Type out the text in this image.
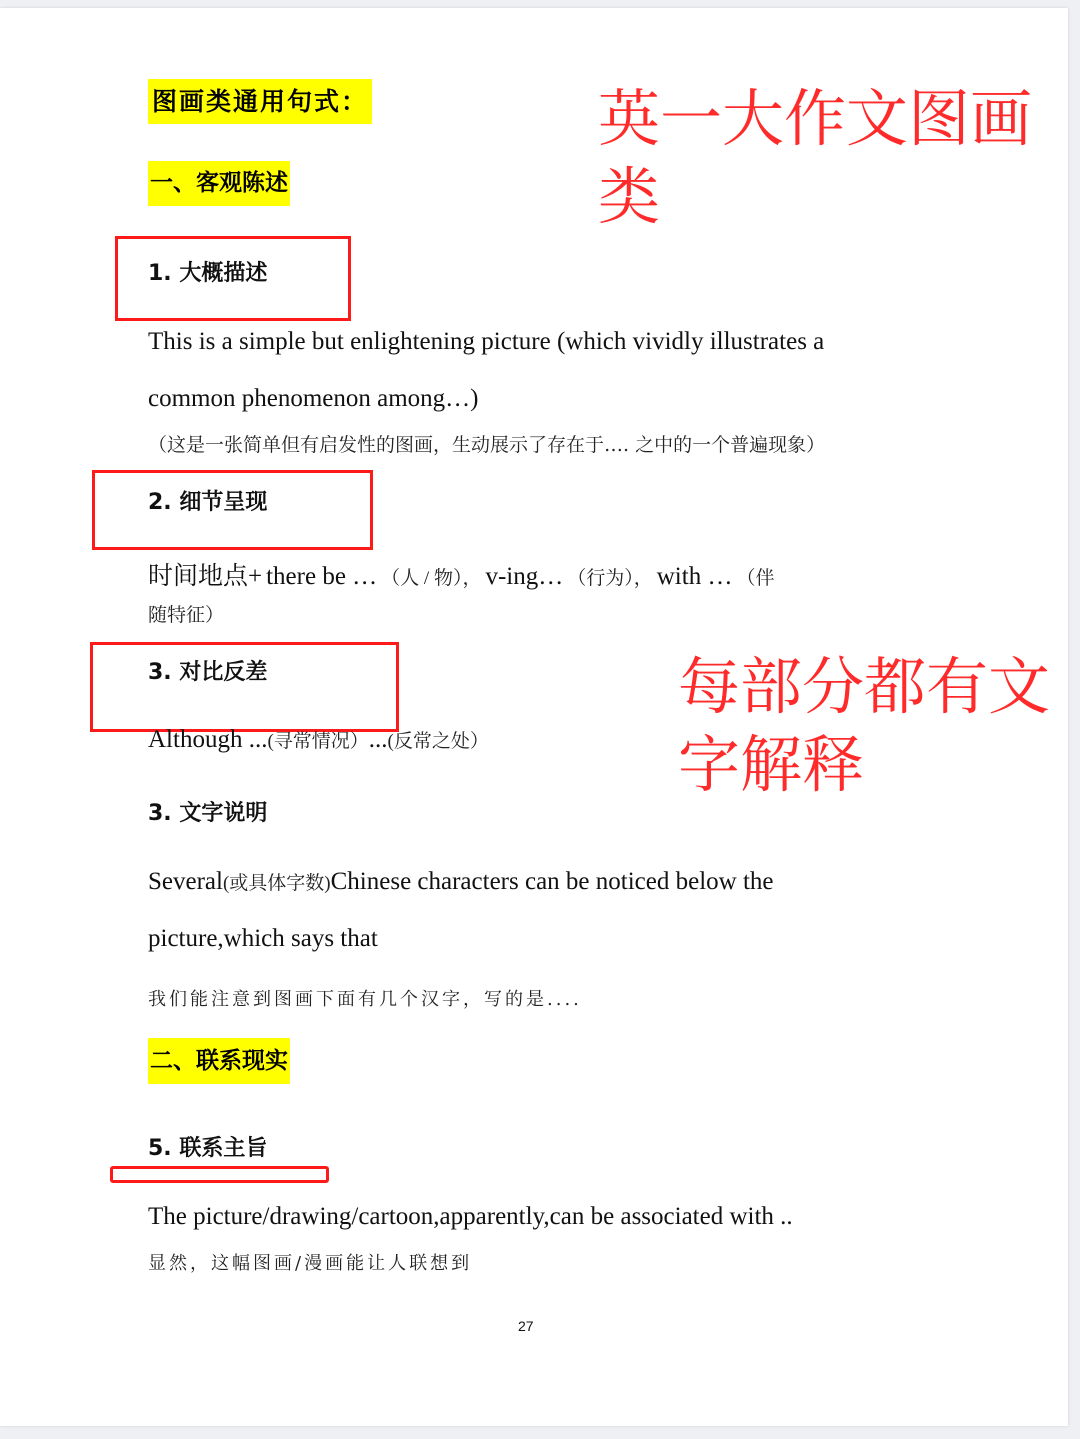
图画类通用句式：	英一大作文图画
类
一、客观陈述
1. 大概描述
This is a simple but enlightening picture (which vividly illustrates a
common phenomenon among…)
（这是一张简单但有启发性的图画，生动展示了存在于…. 之中的一个普遍现象）
2. 细节呈现
时间地点+ there be … （人 / 物）， v-ing… （行为）， with … （伴
随特征）
3. 对比反差
Although ...(寻常情况）...(反常之处）
每部分都有文
字解释
3. 文字说明
Several(或具体字数)Chinese characters can be noticed below the
picture,which says that
我们能注意到图画下面有几个汉字，写的是....
二、联系现实
5. 联系主旨
The picture/drawing/cartoon,apparently,can be associated with ..
显然，这幅图画/漫画能让人联想到
27
